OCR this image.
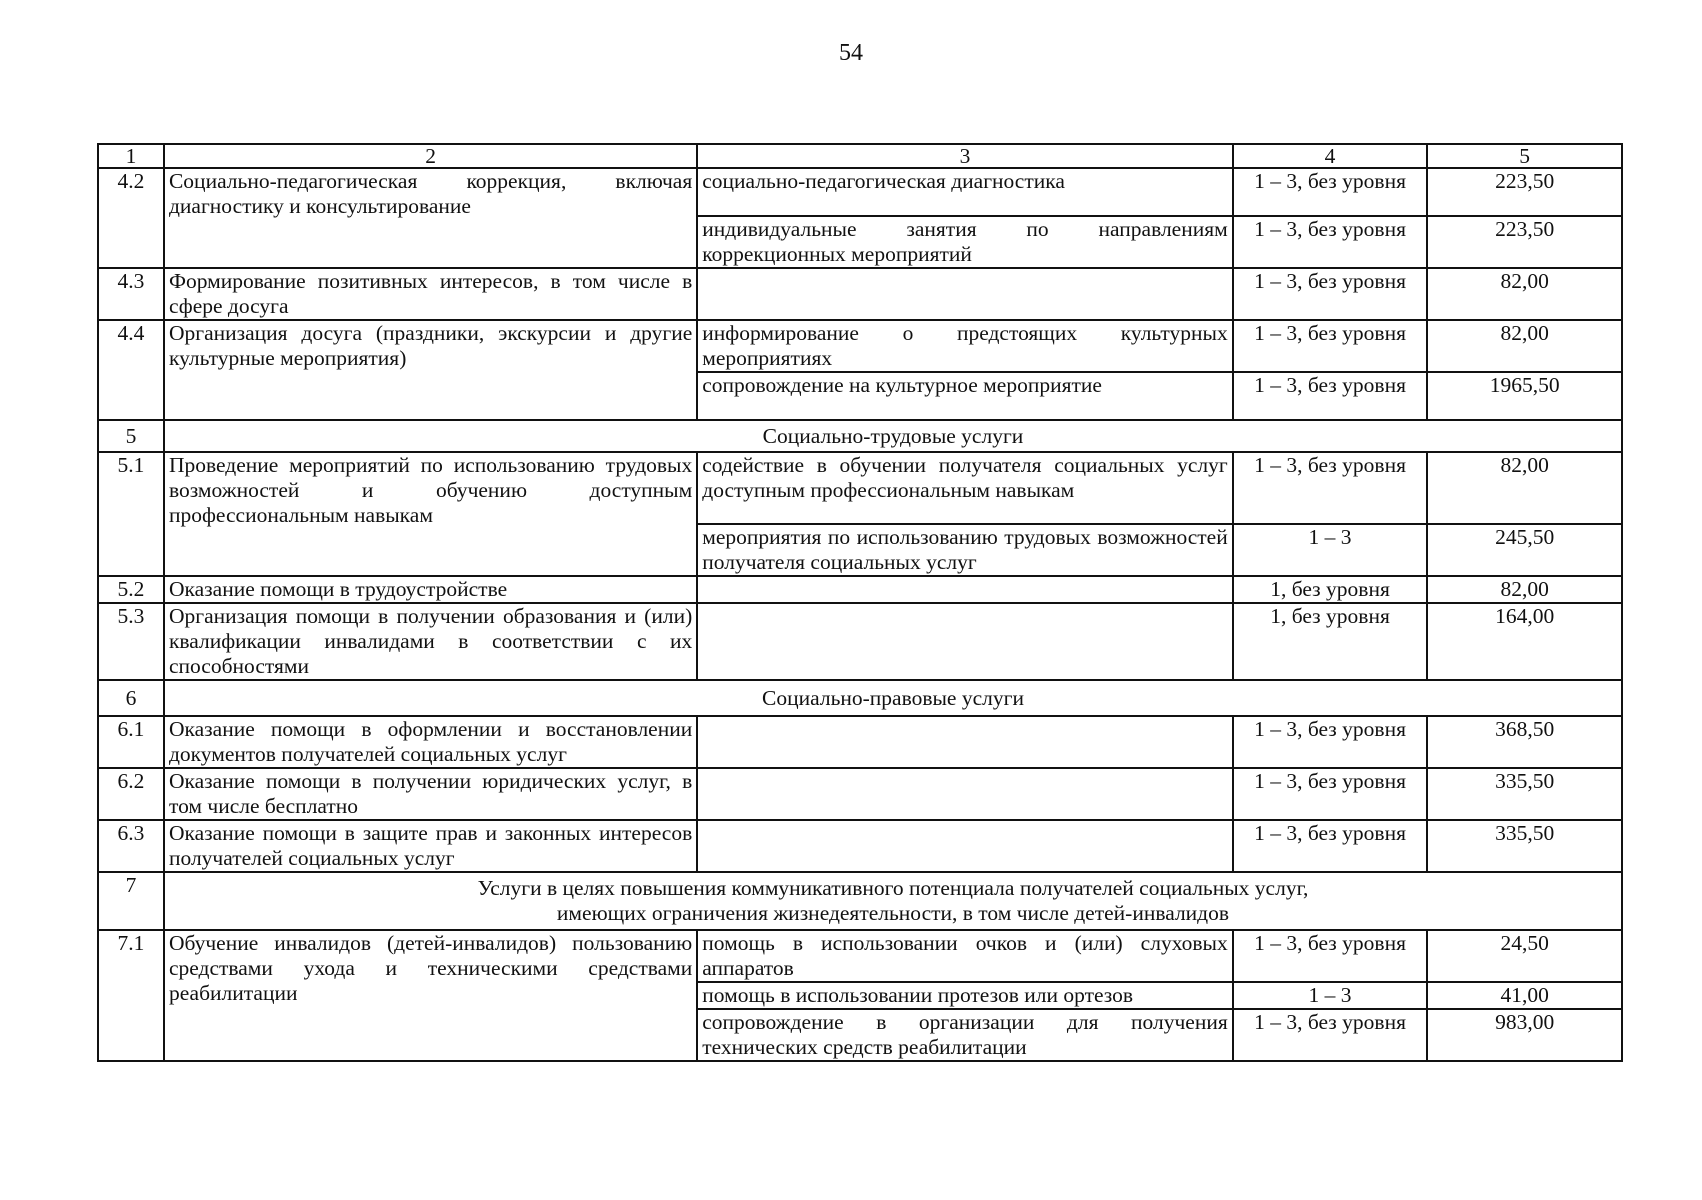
54
1	2	3	4	5
4.2	Социально-педагогическая коррекция, включая диагностику и консультирование	социально-педагогическая диагностика	1 – 3, без уровня	223,50
		индивидуальные занятия по направлениям коррекционных мероприятий	1 – 3, без уровня	223,50
4.3	Формирование позитивных интересов, в том числе в сфере досуга		1 – 3, без уровня	82,00
4.4	Организация досуга (праздники, экскурсии и другие культурные мероприятия)	информирование о предстоящих культурных мероприятиях	1 – 3, без уровня	82,00
		сопровождение на культурное мероприятие	1 – 3, без уровня	1965,50
5	Социально-трудовые услуги			
5.1	Проведение мероприятий по использованию трудовых возможностей и обучению доступным профессиональным навыкам	содействие в обучении получателя социальных услуг доступным профессиональным навыкам	1 – 3, без уровня	82,00
		мероприятия по использованию трудовых возможностей получателя социальных услуг	1 – 3	245,50
5.2	Оказание помощи в трудоустройстве		1, без уровня	82,00
5.3	Организация помощи в получении образования и (или) квалификации инвалидами в соответствии с их способностями		1, без уровня	164,00
6	Социально-правовые услуги			
6.1	Оказание помощи в оформлении и восстановлении документов получателей социальных услуг		1 – 3, без уровня	368,50
6.2	Оказание помощи в получении юридических услуг, в том числе бесплатно		1 – 3, без уровня	335,50
6.3	Оказание помощи в защите прав и законных интересов получателей социальных услуг		1 – 3, без уровня	335,50
7	Услуги в целях повышения коммуникативного потенциала получателей социальных услуг,
имеющих ограничения жизнедеятельности, в том числе детей-инвалидов			

7.1	Обучение инвалидов (детей-инвалидов) пользованию средствами ухода и техническими средствами реабилитации	помощь в использовании очков и (или) слуховых аппаратов	1 – 3, без уровня	24,50
		помощь в использовании протезов или ортезов	1 – 3	41,00
		сопровождение в организации для получения технических средств реабилитации	1 – 3, без уровня	983,00
